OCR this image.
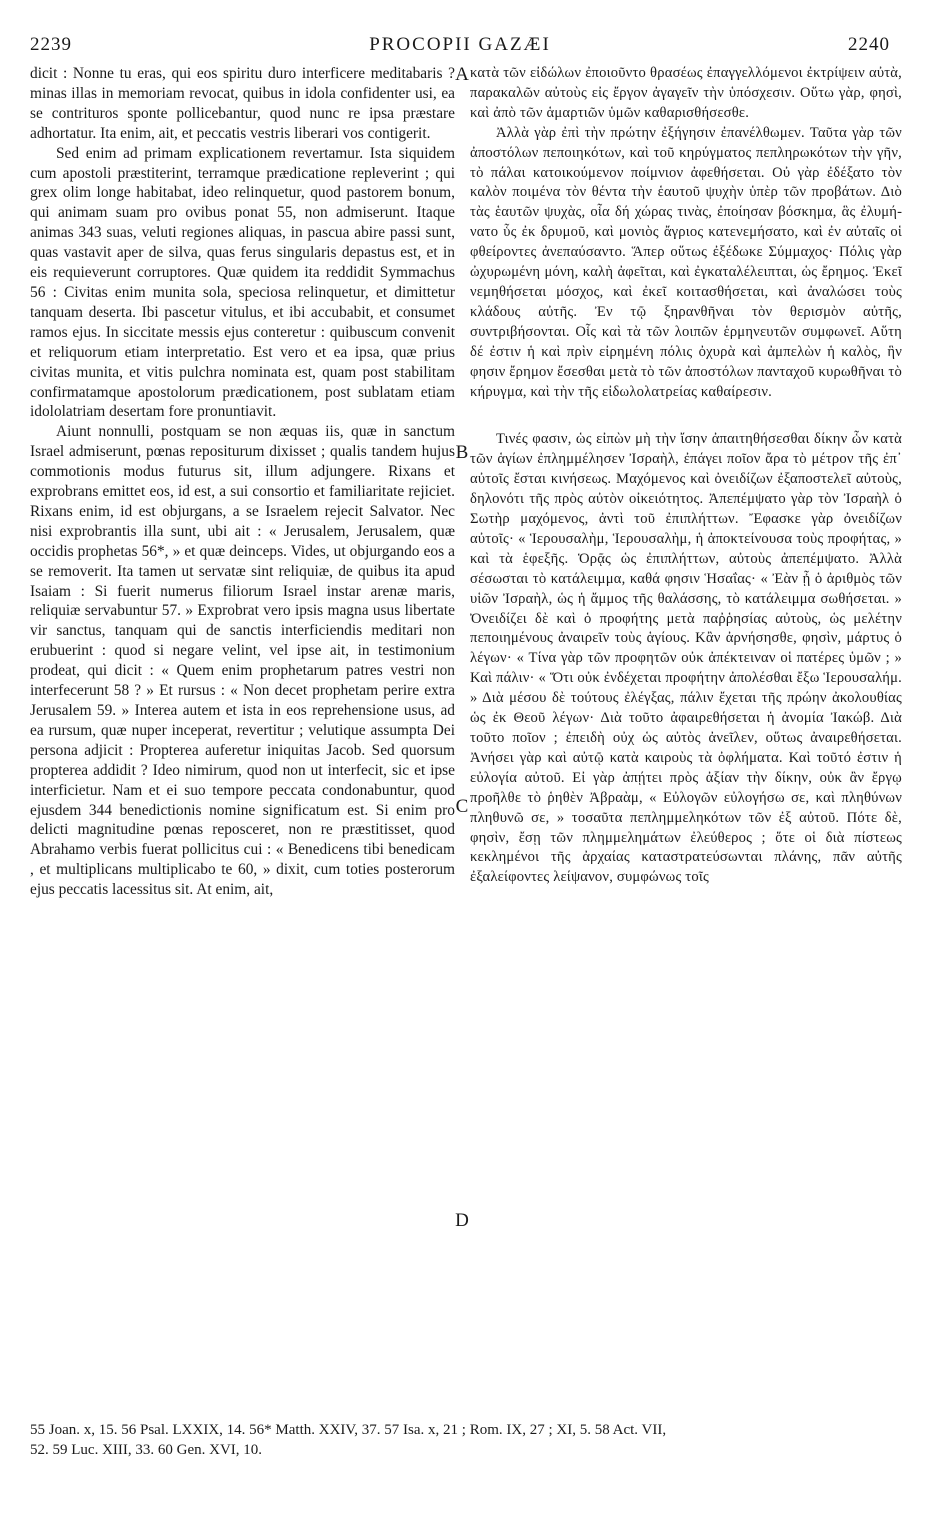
2239	PROCOPII GAZÆI	2240

dicit : Nonne tu eras, qui eos spiritu duro interficere meditabaris ? minas illas in memoriam revocat, quibus in idola confidenter usi, ea se contrituros sponte pollicebantur, quod nunc re ipsa præstare adhortatur. Ita enim, ait, et peccatis vestris liberari vos contigerit.

Sed enim ad primam explicationem revertamur. Ista siquidem cum apostoli præstiterint, terramque prædicatione repleverint ; qui grex olim longe habitabat, ideo relinquetur, quod pastorem bonum, qui animam suam pro ovibus ponat 55, non admiserunt. Itaque animas 343 suas, veluti regiones aliquas, in pascua abire passi sunt, quas vastavit aper de silva, quas ferus singularis depastus est, et in eis requieverunt corruptores. Quæ quidem ita reddidit Symmachus 56 : Civitas enim munita sola, speciosa relinquetur, et dimittetur tanquam deserta. Ibi pascetur vitulus, et ibi accubabit, et consumet ramos ejus. In siccitate messis ejus conteretur : quibuscum convenit et reliquorum etiam interpretatio. Est vero et ea ipsa, quæ prius civitas munita, et vitis pulchra nominata est, quam post stabilitam confirmatamque apostolorum prædicationem, post sublatam etiam idololatriam desertam fore pronuntiavit.

Aiunt nonnulli, postquam se non æquas iis, quæ in sanctum Israel admiserunt, pœnas repositurum dixisset ; qualis tandem hujus commotionis modus futurus sit, illum adjungere. Rixans et exprobrans emittet eos, id est, a sui consortio et familiaritate rejiciet. Rixans enim, id est objurgans, a se Israelem rejecit Salvator. Nec nisi exprobrantis illa sunt, ubi ait : « Jerusalem, Jerusalem, quæ occidis prophetas 56*, » et quæ deinceps. Vides, ut objurgando eos a se removerit. Ita tamen ut servatæ sint reliquiæ, de quibus ita apud Isaiam : Si fuerit numerus filiorum Israel instar arenæ maris, reliquiæ servabuntur 57. » Exprobrat vero ipsis magna usus libertate vir sanctus, tanquam qui de sanctis interficiendis meditari non erubuerint : quod si negare velint, vel ipse ait, in testimonium prodeat, qui dicit : « Quem enim prophetarum patres vestri non interfecerunt 58 ? » Et rursus : « Non decet prophetam perire extra Jerusalem 59. » Interea autem et ista in eos reprehensione usus, ad ea rursum, quæ nuper inceperat, revertitur ; velutique assumpta Dei persona adjicit : Propterea auferetur iniquitas Jacob. Sed quorsum propterea addidit ? Ideo nimirum, quod non ut interfecit, sic et ipse interficietur. Nam et ei suo tempore peccata condonabuntur, quod ejusdem 344 benedictionis nomine significatum est. Si enim pro delicti magnitudine pœnas reposceret, non re præstitisset, quod Abrahamo verbis fuerat pollicitus cui : « Benedicens tibi benedicam , et multiplicans multiplicabo te 60, » dixit, cum toties posterorum ejus peccatis lacessitus sit. At enim, ait,

A
B
D

κατὰ τῶν εἰδώλων ἐποιοῦντο θρασέως ἐπαγγελλόμενοι ἐκτρίψειν αὐτὰ, παρακαλῶν αὐτοὺς εἰς ἔργον ἀγαγεῖν τὴν ὑπόσχεσιν. Οὕτω γὰρ, φησὶ, καὶ ἀπὸ τῶν ἁμαρτιῶν ὑμῶν καθαρισθήσεσθε.

Ἀλλὰ γὰρ ἐπὶ τὴν πρώτην ἐξήγησιν ἐπανέλθωμεν. Ταῦτα γὰρ τῶν ἀποστόλων πεποιηκότων, καὶ τοῦ κηρύγματος πεπληρωκότων τὴν γῆν, τὸ πάλαι κατοικούμενον ποίμνιον ἀφεθήσεται. Οὐ γὰρ ἐδέξατο τὸν καλὸν ποιμένα τὸν θέντα τὴν ἑαυτοῦ ψυχὴν ὑπὲρ τῶν προβάτων. Διὸ τὰς ἑαυτῶν ψυχὰς, οἷα δή χώρας τινὰς, ἐποίησαν βόσκημα, ἃς ἐλυμήνατο ὗς ἐκ δρυμοῦ, καὶ μονιὸς ἄγριος κατενεμήσατο, καὶ ἐν αὐταῖς οἱ φθείροντες ἀνεπαύσαντο. Ἅπερ οὕτως ἐξέδωκε Σύμμαχος· Πόλις γὰρ ὠχυρωμένη μόνη, καλὴ ἀφεῖται, καὶ ἐγκαταλέλειπται, ὡς ἔρημος. Ἐκεῖ νεμηθήσεται μόσχος, καὶ ἐκεῖ κοιτασθήσεται, καὶ ἀναλώσει τοὺς κλάδους αὐτῆς. Ἐν τῷ ξηρανθῆναι τὸν θερισμὸν αὐτῆς, συντριβήσονται. Οἷς καὶ τὰ τῶν λοιπῶν ἑρμηνευτῶν συμφωνεῖ. Αὕτη δέ ἐστιν ἡ καὶ πρὶν εἰρημένη πόλις ὀχυρὰ καὶ ἀμπελὼν ἡ καλὸς, ἣν φησιν ἔρημον ἔσεσθαι μετὰ τὸ τῶν ἀποστόλων πανταχοῦ κυρωθῆναι τὸ κήρυγμα, καὶ τὴν τῆς εἰδωλολατρείας καθαίρεσιν.

Τινές φασιν, ὡς εἰπὼν μὴ τὴν ἴσην ἀπαιτηθήσεσθαι δίκην ὧν κατὰ τῶν ἁγίων ἐπλημμέλησεν Ἰσραὴλ, ἐπάγει ποῖον ἄρα τὸ μέτρον τῆς ἐπ᾽ αὐτοῖς ἔσται κινήσεως. Μαχόμενος καὶ ὀνειδίζων ἐξαποστελεῖ αὐτοὺς, δηλονότι τῆς πρὸς αὐτὸν οἰκειότητος. Ἀπεπέμψατο γὰρ τὸν Ἰσραὴλ ὁ Σωτὴρ μαχόμενος, ἀντὶ τοῦ ἐπιπλήττων. Ἔφασκε γὰρ ὀνειδίζων αὐτοῖς· « Ἱερουσαλὴμ, Ἱερουσαλὴμ, ἡ ἀποκτείνουσα τοὺς προφήτας, » καὶ τὰ ἑφεξῆς. Ὁρᾷς ὡς ἐπιπλήττων, αὐτοὺς ἀπεπέμψατο. Ἀλλὰ σέσωσται τὸ κατάλειμμα, καθά φησιν Ἡσαΐας· « Ἐὰν ᾖ ὁ ἀριθμὸς τῶν υἱῶν Ἰσραὴλ, ὡς ἡ ἄμμος τῆς θαλάσσης, τὸ κατάλειμμα σωθήσεται. » Ὀνειδίζει δὲ καὶ ὁ προφήτης μετὰ παῤῥησίας αὐτοὺς, ὡς μελέτην πεποιημένους ἀναιρεῖν τοὺς ἁγίους. Κἂν ἀρνήσησθε, φησὶν, μάρτυς ὁ λέγων· « Τίνα γὰρ τῶν προφητῶν οὐκ ἀπέκτειναν οἱ πατέρες ὑμῶν ; » Καὶ πάλιν· « Ὅτι οὐκ ἐνδέχεται προφήτην ἀπολέσθαι ἔξω Ἱερουσαλήμ. » Διὰ μέσου δὲ τούτους ἐλέγξας, πάλιν ἔχεται τῆς πρώην ἀκολουθίας ὡς ἐκ Θεοῦ λέγων· Διὰ τοῦτο ἀφαιρεθήσεται ἡ ἀνομία Ἰακώβ. Διὰ τοῦτο ποῖον ; ἐπειδὴ οὐχ ὡς αὐτὸς ἀνεῖλεν, οὕτως ἀναιρεθήσεται. Ἀνήσει γὰρ καὶ αὐτῷ κατὰ καιροὺς τὰ ὀφλήματα. Καὶ τοῦτό ἐστιν ἡ εὐλογία αὐτοῦ. Εἰ γὰρ ἀπῄτει πρὸς ἀξίαν τὴν δίκην, οὐκ ἂν ἔργῳ προῆλθε τὸ ῥηθὲν Ἀβραὰμ, « Εὐλογῶν εὐλογήσω σε, καὶ πληθύνων πληθυνῶ σε, » τοσαῦτα πεπλημμεληκότων τῶν ἐξ αὐτοῦ. Πότε δὲ, φησὶν, ἔσῃ τῶν πλημμελημάτων ἐλεύθερος ; ὅτε οἱ διὰ πίστεως κεκλημένοι τῆς ἀρχαίας καταστρατεύσωνται πλάνης, πᾶν αὐτῆς ἐξαλείφοντες λείψανον, συμφώνως τοῖς

C

55 Joan. x, 15. 56 Psal. LXXIX, 14. 56* Matth. XXIV, 37. 57 Isa. x, 21 ; Rom. IX, 27 ; XI, 5. 58 Act. VII,

52. 59 Luc. XIII, 33. 60 Gen. XVI, 10.
